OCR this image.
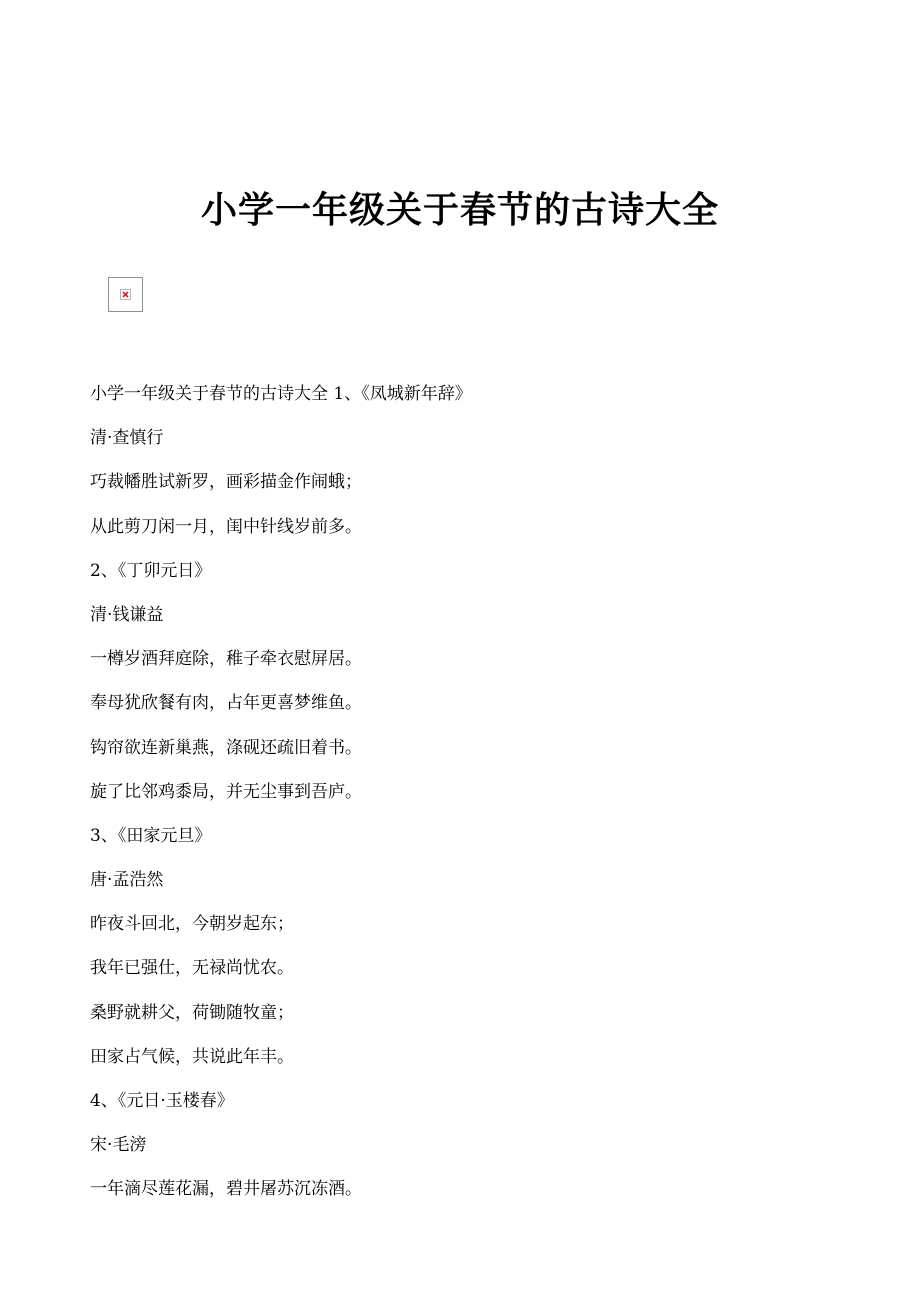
小学一年级关于春节的古诗大全
小学一年级关于春节的古诗大全 1、《凤城新年辞》
清·查慎行
巧裁幡胜试新罗，画彩描金作闹蛾；
从此剪刀闲一月，闺中针线岁前多。
2、《丁卯元日》
清·钱谦益
一樽岁酒拜庭除，稚子牵衣慰屏居。
奉母犹欣餐有肉，占年更喜梦维鱼。
钩帘欲连新巢燕，涤砚还疏旧着书。
旋了比邻鸡黍局，并无尘事到吾庐。
3、《田家元旦》
唐·孟浩然
昨夜斗回北，今朝岁起东；
我年已强仕，无禄尚忧农。
桑野就耕父，荷锄随牧童；
田家占气候，共说此年丰。
4、《元日·玉楼春》
宋·毛滂
一年滴尽莲花漏，碧井屠苏沉冻酒。
